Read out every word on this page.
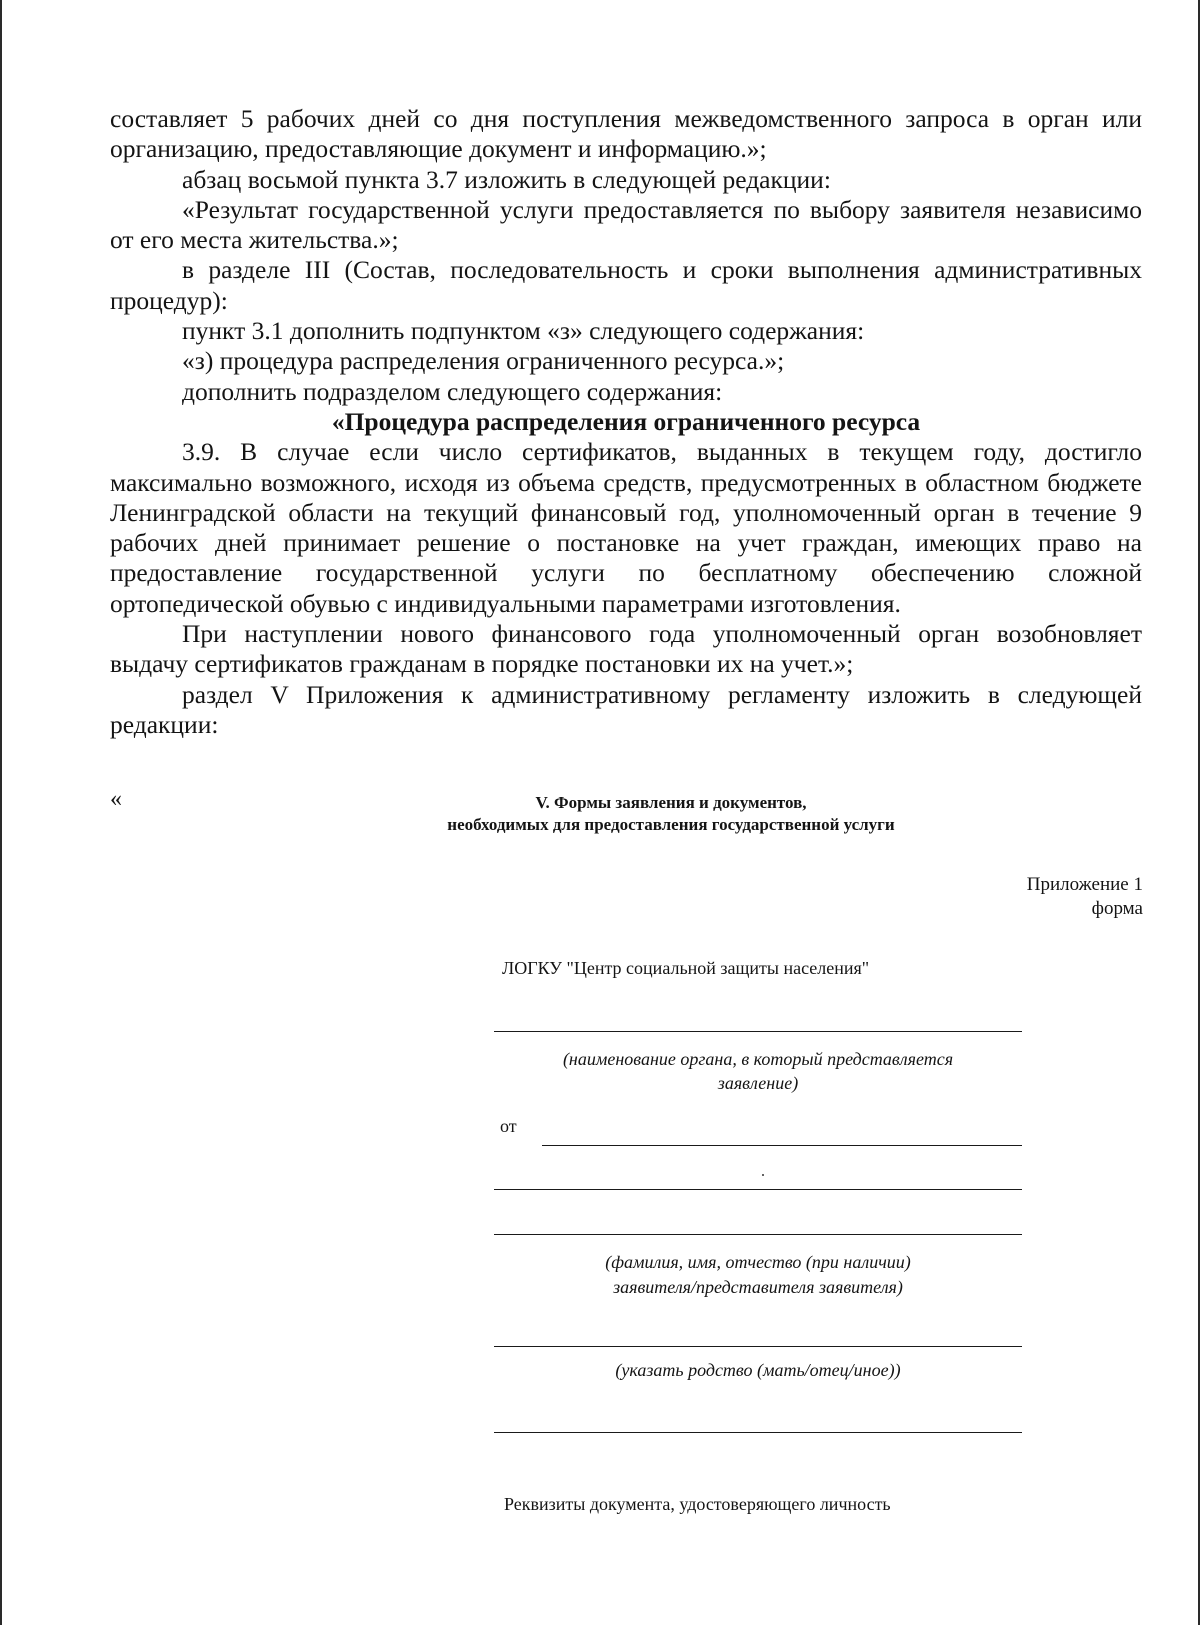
составляет 5 рабочих дней со дня поступления межведомственного запроса в орган или организацию, предоставляющие документ и информацию.»;

абзац восьмой пункта 3.7 изложить в следующей редакции:

«Результат государственной услуги предоставляется по выбору заявителя независимо от его места жительства.»;

в разделе III (Состав, последовательность и сроки выполнения административных процедур):

пункт 3.1 дополнить подпунктом «з» следующего содержания:

«з) процедура распределения ограниченного ресурса.»;

дополнить подразделом следующего содержания:

«Процедура распределения ограниченного ресурса

3.9. В случае если число сертификатов, выданных в текущем году, достигло максимально возможного, исходя из объема средств, предусмотренных в областном бюджете Ленинградской области на текущий финансовый год, уполномоченный орган в течение 9 рабочих дней принимает решение о постановке на учет граждан, имеющих право на предоставление государственной услуги по бесплатному обеспечению сложной ортопедической обувью с индивидуальными параметрами изготовления.

При наступлении нового финансового года уполномоченный орган возобновляет выдачу сертификатов гражданам в порядке постановки их на учет.»;

раздел V Приложения к административному регламенту изложить в следующей редакции:

«	V. Формы заявления и документов,

необходимых для предоставления государственной услуги

Приложение 1
форма
ЛОГКУ "Центр социальной защиты населения"
(наименование органа, в который представляется
заявление)
от
(фамилия, имя, отчество (при наличии)
заявителя/представителя заявителя)
(указать родство (мать/отец/иное))
Реквизиты документа, удостоверяющего личность
